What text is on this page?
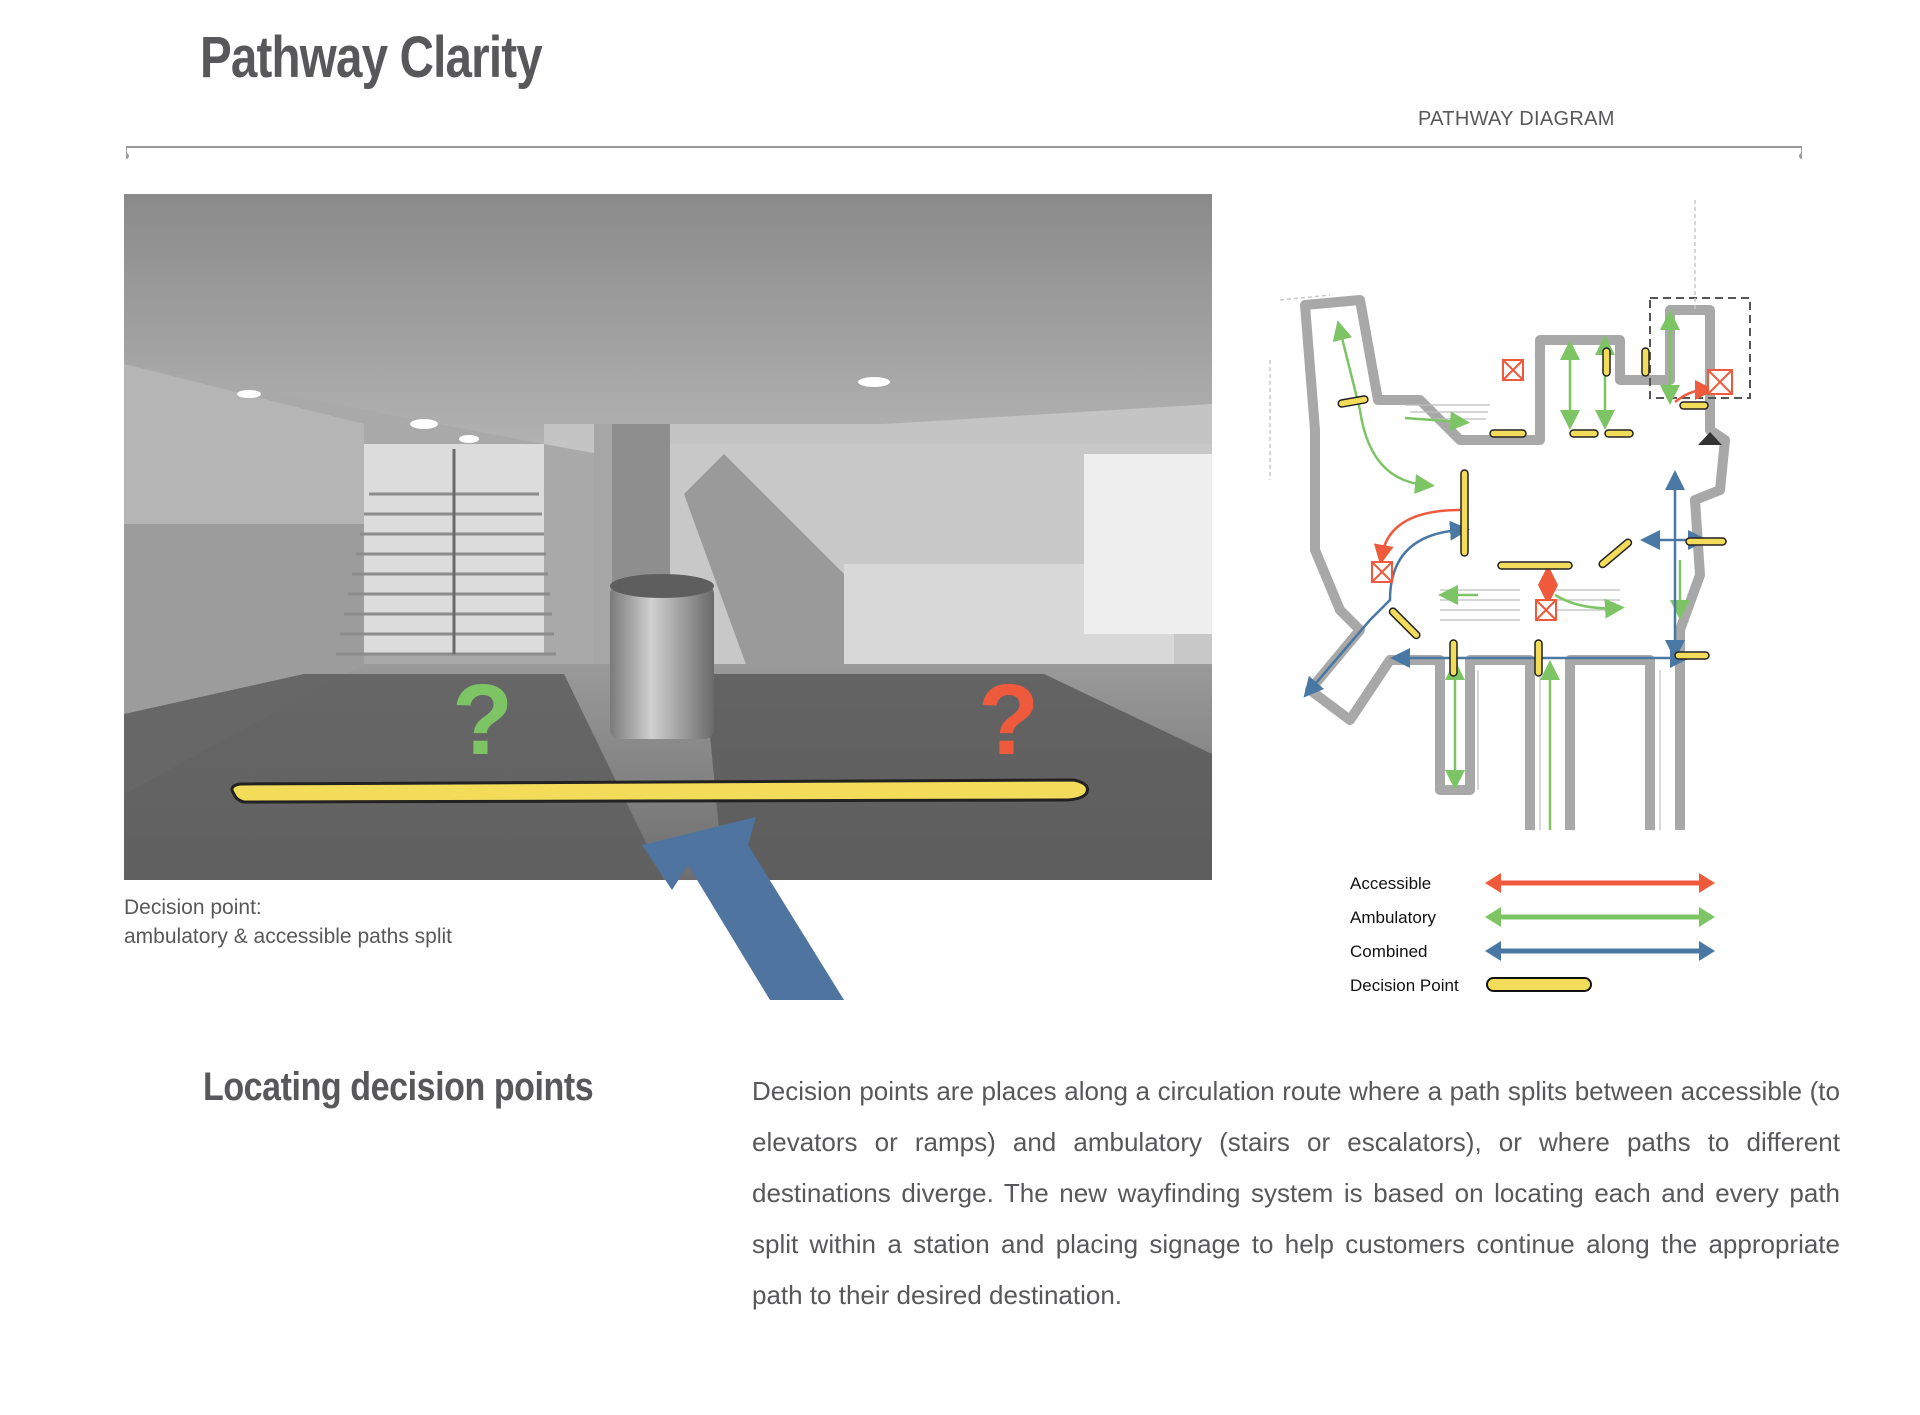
Pathway Clarity
PATHWAY DIAGRAM
?	?
Decision point:
ambulatory & accessible paths split
Accessible
Ambulatory
Combined
Decision Point
Locating decision points	Decision points are places along a circulation route where a path splits between accessible (to elevators or ramps) and ambulatory (stairs or escalators), or where paths to different destinations diverge. The new wayfinding system is based on locating each and every path split within a station and placing signage to help customers continue along the appropriate path to their desired destination.
